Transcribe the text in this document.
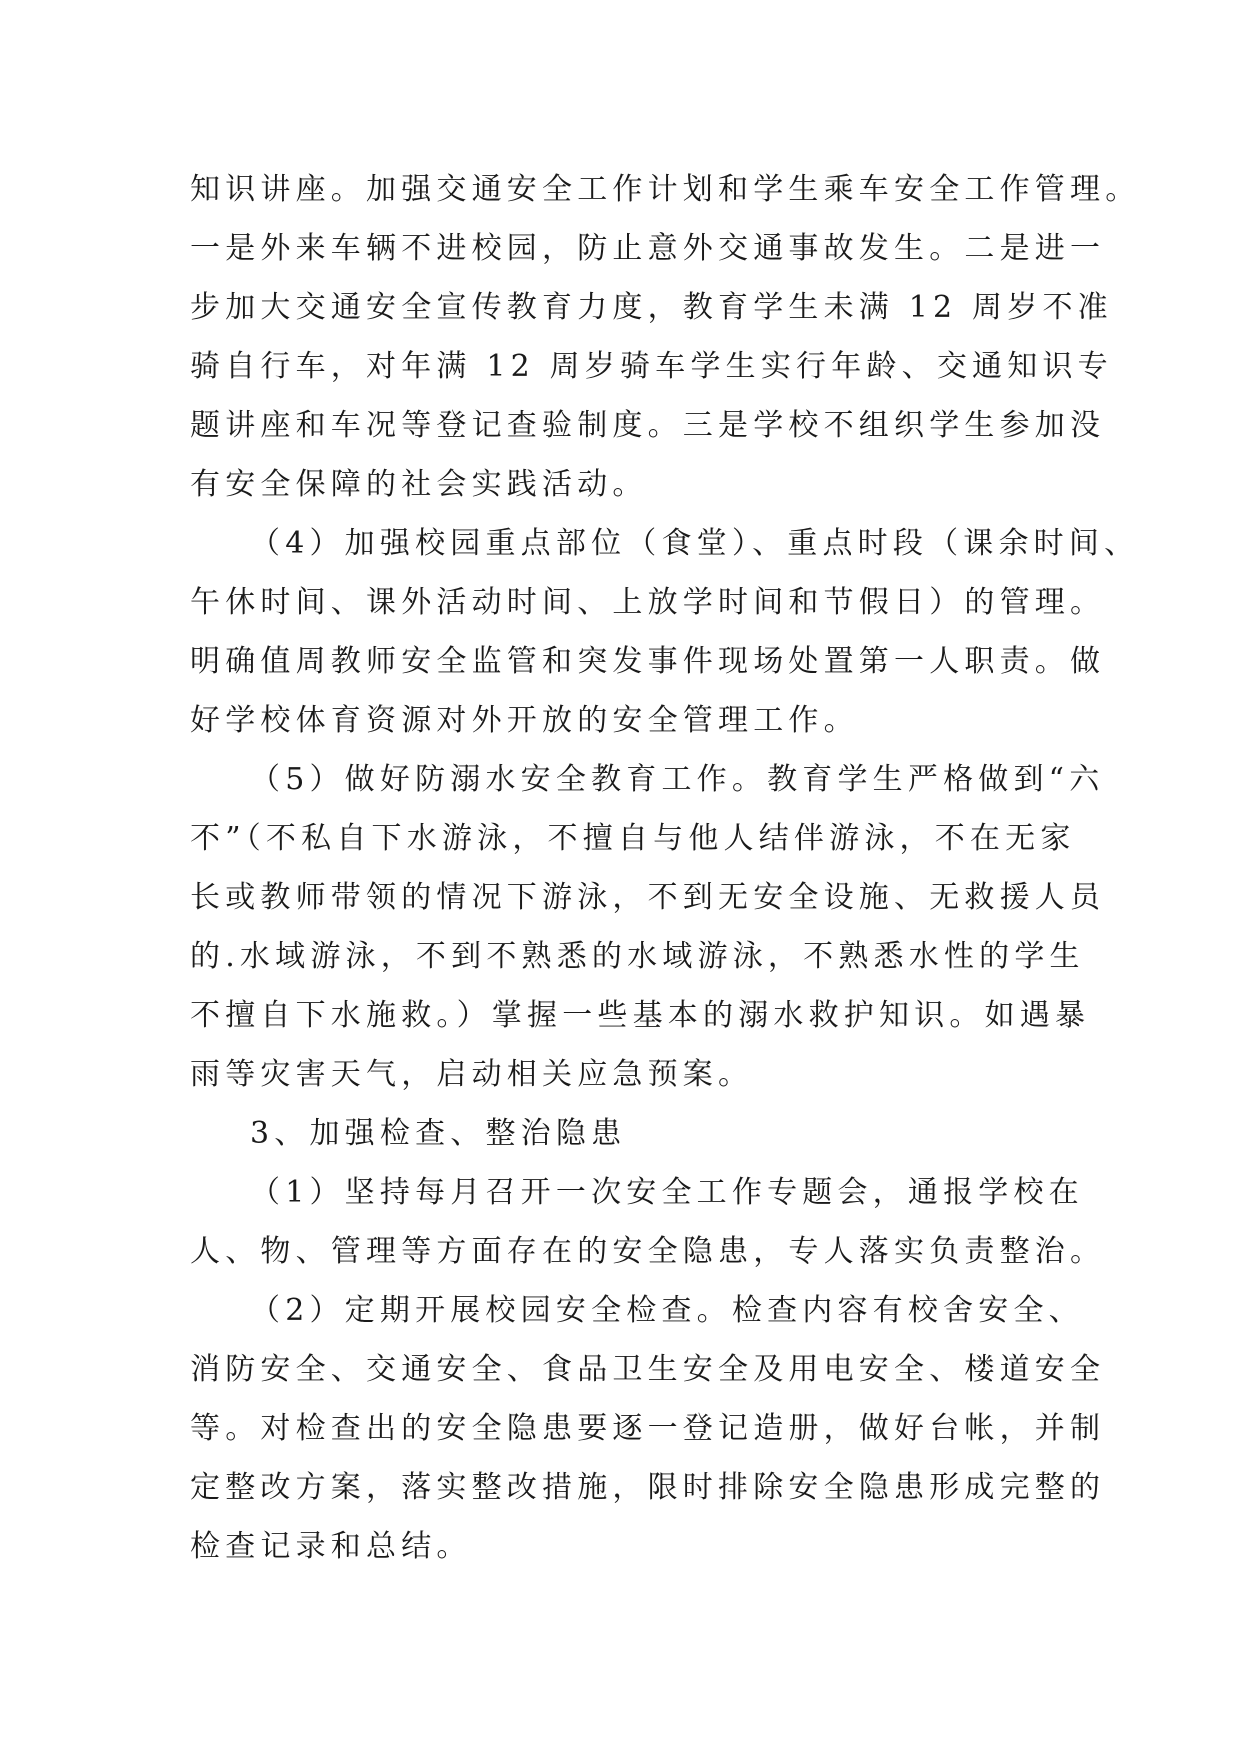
知识讲座。加强交通安全工作计划和学生乘车安全工作管理。
一是外来车辆不进校园，防止意外交通事故发生。二是进一
步加大交通安全宣传教育力度，教育学生未满 12 周岁不准
骑自行车，对年满 12 周岁骑车学生实行年龄、交通知识专
题讲座和车况等登记查验制度。三是学校不组织学生参加没
有安全保障的社会实践活动。
（4）加强校园重点部位（食堂）、重点时段（课余时间、
午休时间、课外活动时间、上放学时间和节假日）的管理。
明确值周教师安全监管和突发事件现场处置第一人职责。做
好学校体育资源对外开放的安全管理工作。
（5）做好防溺水安全教育工作。教育学生严格做到“六
不”（不私自下水游泳，不擅自与他人结伴游泳，不在无家
长或教师带领的情况下游泳，不到无安全设施、无救援人员
的.水域游泳，不到不熟悉的水域游泳，不熟悉水性的学生
不擅自下水施救。）掌握一些基本的溺水救护知识。如遇暴
雨等灾害天气，启动相关应急预案。
3、加强检查、整治隐患
（1）坚持每月召开一次安全工作专题会，通报学校在
人、物、管理等方面存在的安全隐患，专人落实负责整治。
（2）定期开展校园安全检查。检查内容有校舍安全、
消防安全、交通安全、食品卫生安全及用电安全、楼道安全
等。对检查出的安全隐患要逐一登记造册，做好台帐，并制
定整改方案，落实整改措施，限时排除安全隐患形成完整的
检查记录和总结。
